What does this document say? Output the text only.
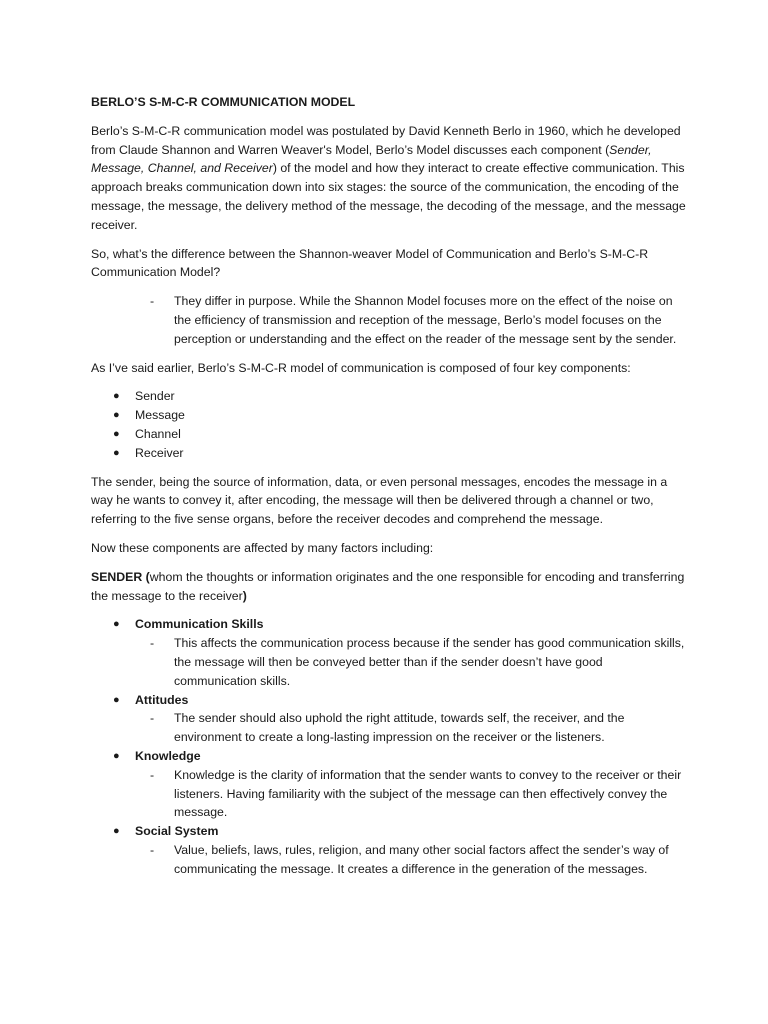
BERLO’S S-M-C-R COMMUNICATION MODEL

Berlo’s S-M-C-R communication model was postulated by David Kenneth Berlo in 1960, which he developed from Claude Shannon and Warren Weaver's Model, Berlo’s Model discusses each component (Sender, Message, Channel, and Receiver) of the model and how they interact to create effective communication. This approach breaks communication down into six stages: the source of the communication, the encoding of the message, the message, the delivery method of the message, the decoding of the message, and the message receiver.

So, what’s the difference between the Shannon-weaver Model of Communication and Berlo’s S-M-C-R Communication Model?

- They differ in purpose. While the Shannon Model focuses more on the effect of the noise on the efficiency of transmission and reception of the message, Berlo’s model focuses on the perception or understanding and the effect on the reader of the message sent by the sender.

As I’ve said earlier, Berlo’s S-M-C-R model of communication is composed of four key components:

● Sender
● Message
● Channel
● Receiver

The sender, being the source of information, data, or even personal messages, encodes the message in a way he wants to convey it, after encoding, the message will then be delivered through a channel or two, referring to the five sense organs, before the receiver decodes and comprehend the message.

Now these components are affected by many factors including:

SENDER (whom the thoughts or information originates and the one responsible for encoding and transferring the message to the receiver)

● Communication Skills
- This affects the communication process because if the sender has good communication skills, the message will then be conveyed better than if the sender doesn’t have good communication skills.
● Attitudes
- The sender should also uphold the right attitude, towards self, the receiver, and the environment to create a long-lasting impression on the receiver or the listeners.
● Knowledge
- Knowledge is the clarity of information that the sender wants to convey to the receiver or their listeners. Having familiarity with the subject of the message can then effectively convey the message.
● Social System
- Value, beliefs, laws, rules, religion, and many other social factors affect the sender’s way of communicating the message. It creates a difference in the generation of the messages.
